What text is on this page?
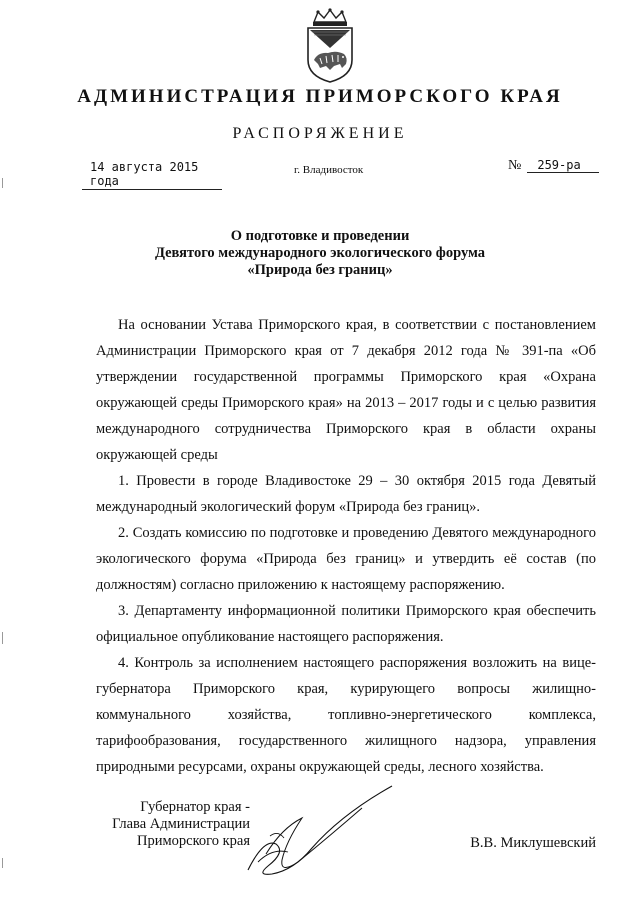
АДМИНИСТРАЦИЯ ПРИМОРСКОГО КРАЯ
РАСПОРЯЖЕНИЕ
14 августа 2015 года
г. Владивосток	№ 259-ра
О подготовке и проведении
Девятого международного экологического форума
«Природа без границ»

На основании Устава Приморского края, в соответствии с постановлением Администрации Приморского края от 7 декабря 2012 года № 391-па «Об утверждении государственной программы Приморского края «Охрана окружающей среды Приморского края» на 2013 – 2017 годы и с целью развития международного сотрудничества Приморского края в области охраны окружающей среды

1. Провести в городе Владивостоке 29 – 30 октября 2015 года Девятый международный экологический форум «Природа без границ».

2. Создать комиссию по подготовке и проведению Девятого международного экологического форума «Природа без границ» и утвердить её состав (по должностям) согласно приложению к настоящему распоряжению.

3. Департаменту информационной политики Приморского края обеспечить официальное опубликование настоящего распоряжения.

4. Контроль за исполнением настоящего распоряжения возложить на вице-губернатора Приморского края, курирующего вопросы жилищно-коммунального хозяйства, топливно-энергетического комплекса, тарифообразования, государственного жилищного надзора, управления природными ресурсами, охраны окружающей среды, лесного хозяйства.

Губернатор края -
Глава Администрации
Приморского края	В.В. Миклушевский
